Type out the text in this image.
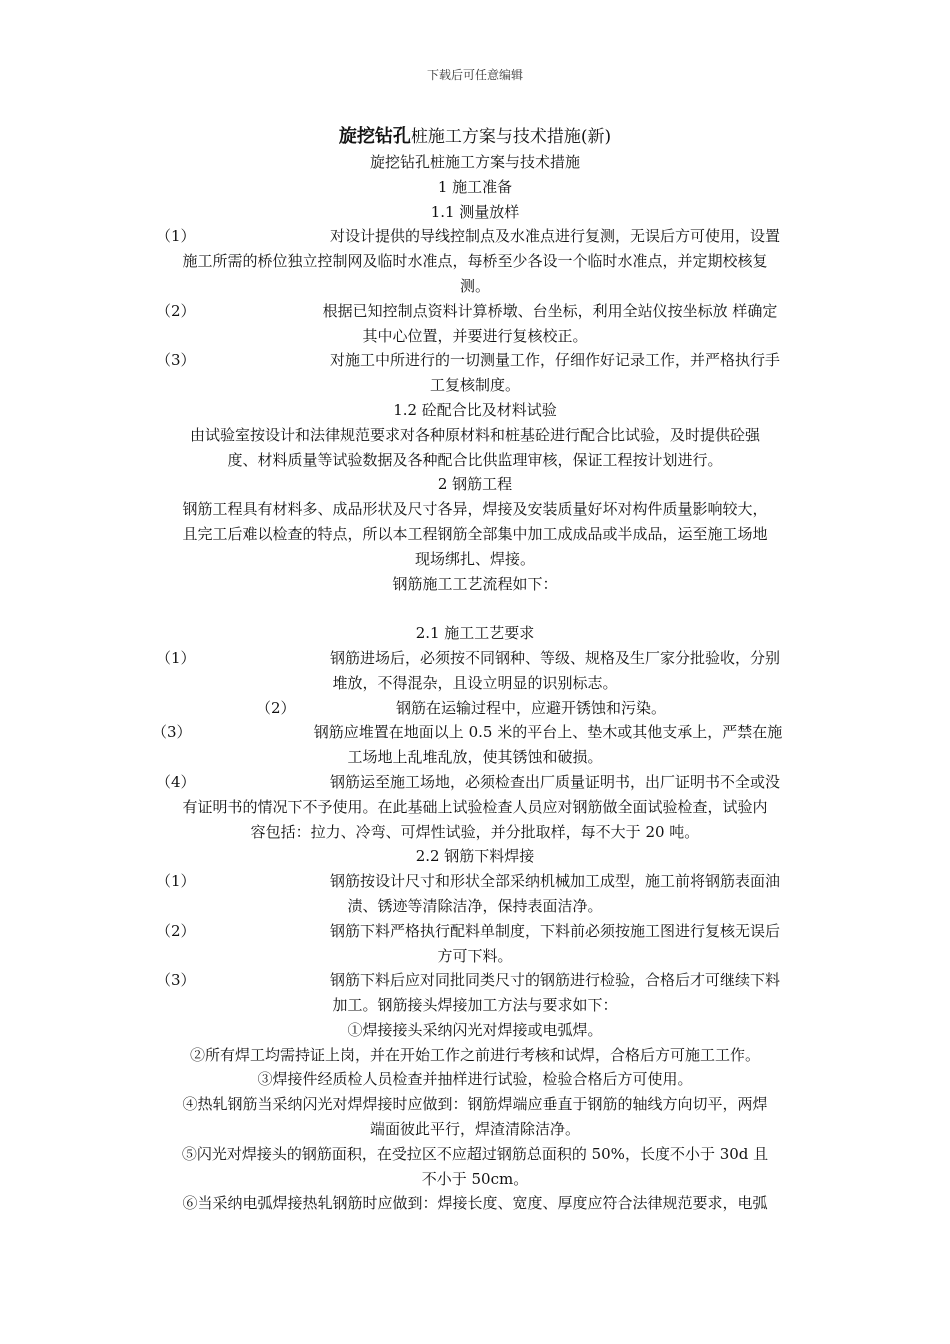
下载后可任意编辑
旋挖钻孔桩施工方案与技术措施(新)
旋挖钻孔桩施工方案与技术措施
1 施工准备
1.1 测量放样
（1）	对设计提供的导线控制点及水准点进行复测，无误后方可使用，设置
施工所需的桥位独立控制网及临时水准点，每桥至少各设一个临时水准点，并定期校核复
测。
（2）	根据已知控制点资料计算桥墩、台坐标，利用全站仪按坐标放 样确定
其中心位置，并要进行复核校正。
（3）	对施工中所进行的一切测量工作，仔细作好记录工作，并严格执行手
工复核制度。
1.2 砼配合比及材料试验
由试验室按设计和法律规范要求对各种原材料和桩基砼进行配合比试验，及时提供砼强
度、材料质量等试验数据及各种配合比供监理审核，保证工程按计划进行。
2 钢筋工程
钢筋工程具有材料多、成品形状及尺寸各异，焊接及安装质量好坏对构件质量影响较大，
且完工后难以检查的特点，所以本工程钢筋全部集中加工成成品或半成品，运至施工场地
现场绑扎、焊接。
钢筋施工工艺流程如下：
2.1 施工工艺要求
（1）	钢筋进场后，必须按不同钢种、等级、规格及生厂家分批验收，分别
堆放，不得混杂，且设立明显的识别标志。
（2）	钢筋在运输过程中，应避开锈蚀和污染。
（3）	钢筋应堆置在地面以上 0.5 米的平台上、垫木或其他支承上，严禁在施
工场地上乱堆乱放，使其锈蚀和破损。
（4）	钢筋运至施工场地，必须检查出厂质量证明书，出厂证明书不全或没
有证明书的情况下不予使用。在此基础上试验检查人员应对钢筋做全面试验检查，试验内
容包括：拉力、冷弯、可焊性试验，并分批取样，每不大于 20 吨。
2.2 钢筋下料焊接
（1）	钢筋按设计尺寸和形状全部采纳机械加工成型，施工前将钢筋表面油
渍、锈迹等清除洁净，保持表面洁净。
（2）	钢筋下料严格执行配料单制度，下料前必须按施工图进行复核无误后
方可下料。
（3）	钢筋下料后应对同批同类尺寸的钢筋进行检验，合格后才可继续下料
加工。钢筋接头焊接加工方法与要求如下：
①焊接接头采纳闪光对焊接或电弧焊。
②所有焊工均需持证上岗，并在开始工作之前进行考核和试焊，合格后方可施工工作。
③焊接件经质检人员检查并抽样进行试验，检验合格后方可使用。
④热轧钢筋当采纳闪光对焊焊接时应做到：钢筋焊端应垂直于钢筋的轴线方向切平，两焊
端面彼此平行，焊渣清除洁净。
⑤闪光对焊接头的钢筋面积，在受拉区不应超过钢筋总面积的 50%，长度不小于 30d 且
不小于 50cm。
⑥当采纳电弧焊接热轧钢筋时应做到：焊接长度、宽度、厚度应符合法律规范要求，电弧
